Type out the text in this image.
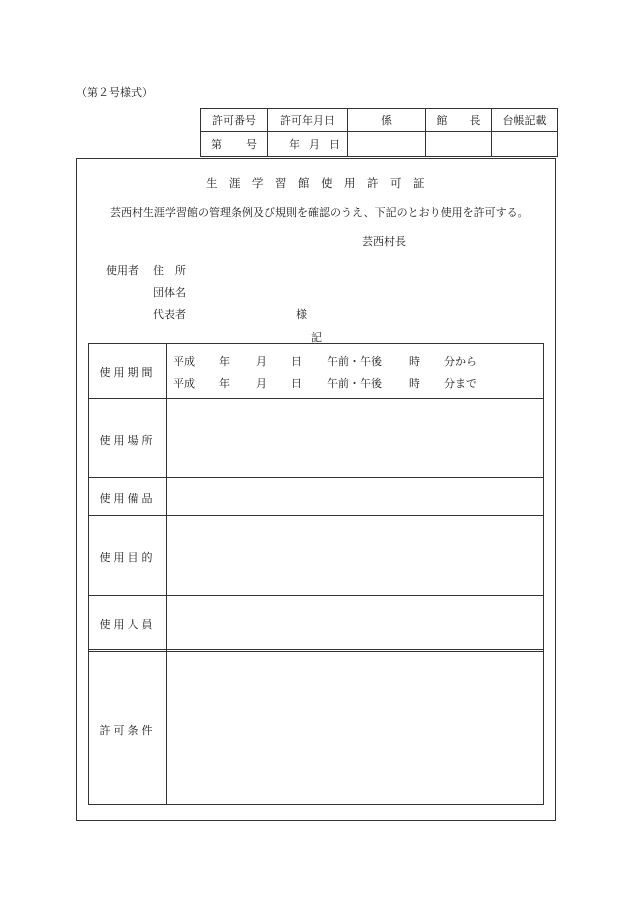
（第２号様式）
許可番号	許可年月日	係	館　　長	台帳記載
第 号	年 月 日			
生　涯　学　習　館　使　用　許　可　証
芸西村生涯学習館の管理条例及び規則を確認のうえ、下記のとおり使用を許可する。
芸西村長
使用者 住　所
団体名
代表者	様
記
使用期間
平成 年 月 日 午前・午後 時 分から
平成 年 月 日 午前・午後 時 分まで
使用場所
使用備品
使用目的
使用人員
許可条件
